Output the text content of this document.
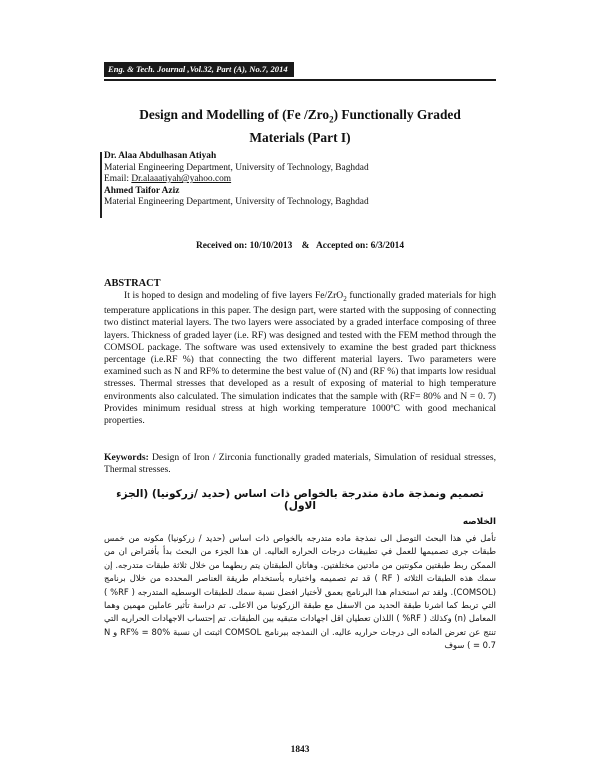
Eng. & Tech. Journal ,Vol.32, Part (A), No.7, 2014
Design and Modelling of (Fe /Zro$_2$) Functionally Graded
Materials (Part I)
Dr. Alaa Abdulhasan Atiyah
Material Engineering Department, University of Technology, Baghdad
Email: Dr.alaaatiyah@yahoo.com
Ahmed Taifor Aziz
Material Engineering Department, University of Technology, Baghdad
Received on: 10/10/2013    &   Accepted on: 6/3/2014
ABSTRACT
It is hoped to design and modeling of five layers Fe/ZrO$_2$ functionally graded materials for high temperature applications in this paper. The design part, were started with the supposing of connecting two distinct material layers. The two layers were associated by a graded interface composing of three layers. Thickness of graded layer (i.e. RF) was designed and tested with the FEM method through the COMSOL package. The software was used extensively to examine the best graded part thickness percentage (i.e.RF %) that connecting the two different material layers. Two parameters were examined such as N and RF% to determine the best value of (N) and (RF %) that imparts low residual stresses. Thermal stresses that developed as a result of exposing of material to high temperature environments also calculated. The simulation indicates that the sample with (RF= 80% and N = 0. 7) Provides minimum residual stress at high working temperature 1000ºC with good mechanical properties.
Keywords: Design of Iron / Zirconia functionally graded materials, Simulation of residual stresses, Thermal stresses.
تصميم ونمذجة مادة متدرجة بالخواص ذات اساس (حديد /زركونيا) (الجزء الاول)
الخلاصه
تأمل في هذا البحث التوصل الى نمذجة ماده متدرجه بالخواص ذات اساس (حديد / زركونيا) مكونه من خمس طبقات جرى تصميمها للعمل في تطبيقات درجات الحراره العاليه. ان هذا الجزء من البحث بدأ بأفتراض ان من الممكن ربط طبقتين مكونتين من مادتين مختلفتين. وهاتان الطبقتان يتم ربطهما من خلال ثلاثة طبقات متدرجه. إن سمك هذه الطبقات الثلاثه ( RF ) قد تم تصميمه واختياره بأستخدام طريقة العناصر المحدده من خلال برنامج (COMSOL). ولقد تم استخدام هذا البرنامج بعمق لأختيار افضل نسبة سمك للطبقات الوسطيه المتدرجه ( RF% ) التي تربط كما اشرنا طبقة الحديد من الاسفل مع طبقة الزركونيا من الاعلى. تم دراسة تأثير عاملين مهمين وهما المعامل (n) وكذلك ( RF% ) اللذان تعطيان اقل اجهادات متبقيه بين الطبقات. تم إحتساب الاجهادات الحراريه التي تنتج عن تعرض الماده الى درجات حراريه عاليه. ان النمذجه ببرنامج COMSOL اثبتت ان نسبة RF% = 80% و N = 0.7 ) سوف
1843
